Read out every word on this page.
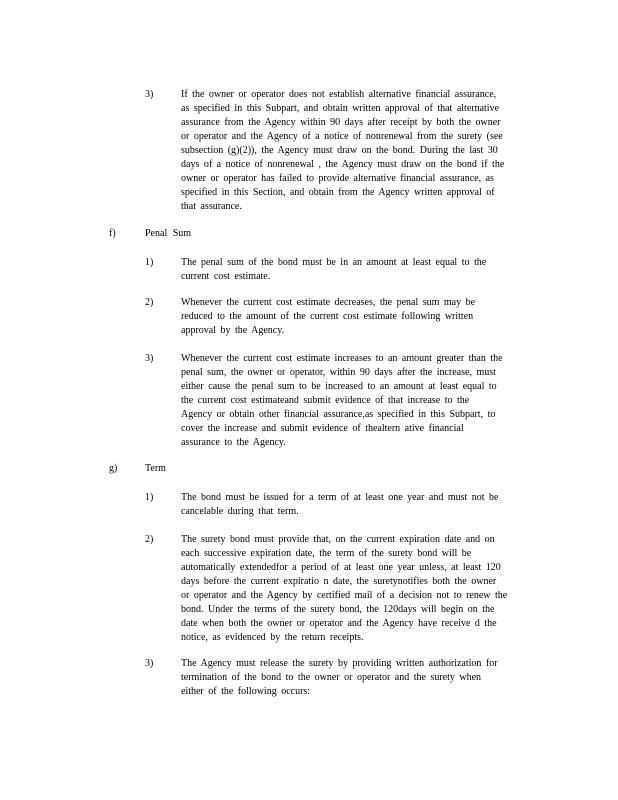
3)	If the owner or operator does not establish alternative financial assurance,
as specified in this Subpart, and obtain written approval of that alternative
assurance from the Agency within 90 days after receipt by both the owner
or operator and the Agency of a notice of nonrenewal from the surety (see
subsection (g)(2)), the Agency must draw on the bond. During the last 30
days of a notice of nonrenewal , the Agency must draw on the bond if the
owner or operator has failed to provide alternative financial assurance, as
specified in this Section, and obtain from the Agency written approval of
that assurance.
f)	Penal Sum
1)	The penal sum of the bond must be in an amount at least equal to the
current cost estimate.
2)	Whenever the current cost estimate decreases, the penal sum may be
reduced to the amount of the current cost estimate following written
approval by the Agency.
3)	Whenever the current cost estimate increases to an amount greater than the
penal sum, the owner or operator, within 90 days after the increase, must
either cause the penal sum to be increased to an amount at least equal to
the current cost estimateand submit evidence of that increase to the
Agency or obtain other financial assurance,as specified in this Subpart, to
cover the increase and submit evidence of thealtern ative financial
assurance to the Agency.
g)	Term
1)	The bond must be issued for a term of at least one year and must not be
cancelable during that term.
2)	The surety bond must provide that, on the current expiration date and on
each successive expiration date, the term of the surety bond will be
automatically extendedfor a period of at least one year unless, at least 120
days before the current expiratio n date, the suretynotifies both the owner
or operator and the Agency by certified mail of a decision not to renew the
bond. Under the terms of the surety bond, the 120days will begin on the
date when both the owner or operator and the Agency have receive d the
notice, as evidenced by the return receipts.
3)	The Agency must release the surety by providing written authorization for
termination of the bond to the owner or operator and the surety when
either of the following occurs:
